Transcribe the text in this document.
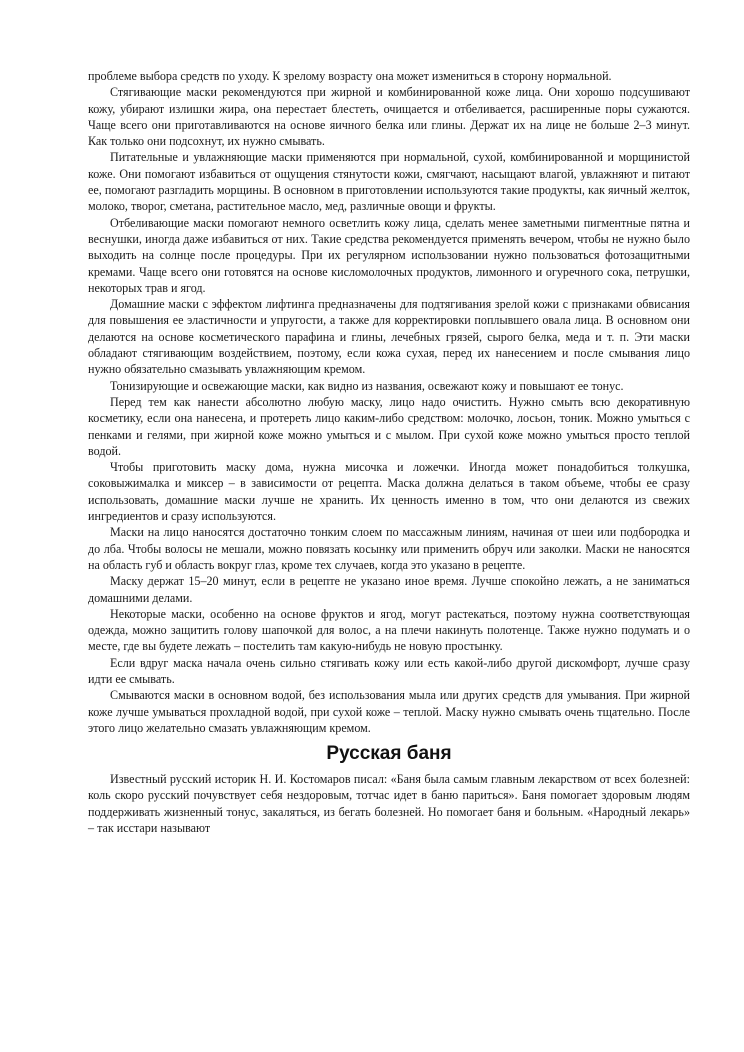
проблеме выбора средств по уходу. К зрелому возрасту она может измениться в сторону нормальной.

Стягивающие маски рекомендуются при жирной и комбинированной коже лица. Они хорошо подсушивают кожу, убирают излишки жира, она перестает блестеть, очищается и отбеливается, расширенные поры сужаются. Чаще всего они приготавливаются на основе яичного белка или глины. Держат их на лице не больше 2–3 минут. Как только они подсохнут, их нужно смывать.

Питательные и увлажняющие маски применяются при нормальной, сухой, комбинированной и морщинистой коже. Они помогают избавиться от ощущения стянутости кожи, смягчают, насыщают влагой, увлажняют и питают ее, помогают разгладить морщины. В основном в приготовлении используются такие продукты, как яичный желток, молоко, творог, сметана, растительное масло, мед, различные овощи и фрукты.

Отбеливающие маски помогают немного осветлить кожу лица, сделать менее заметными пигментные пятна и веснушки, иногда даже избавиться от них. Такие средства рекомендуется применять вечером, чтобы не нужно было выходить на солнце после процедуры. При их регулярном использовании нужно пользоваться фотозащитными кремами. Чаще всего они готовятся на основе кисломолочных продуктов, лимонного и огуречного сока, петрушки, некоторых трав и ягод.

Домашние маски с эффектом лифтинга предназначены для подтягивания зрелой кожи с признаками обвисания для повышения ее эластичности и упругости, а также для корректировки поплывшего овала лица. В основном они делаются на основе косметического парафина и глины, лечебных грязей, сырого белка, меда и т. п. Эти маски обладают стягивающим воздействием, поэтому, если кожа сухая, перед их нанесением и после смывания лицо нужно обязательно смазывать увлажняющим кремом.

Тонизирующие и освежающие маски, как видно из названия, освежают кожу и повышают ее тонус.

Перед тем как нанести абсолютно любую маску, лицо надо очистить. Нужно смыть всю декоративную косметику, если она нанесена, и протереть лицо каким-либо средством: молочко, лосьон, тоник. Можно умыться с пенками и гелями, при жирной коже можно умыться и с мылом. При сухой коже можно умыться просто теплой водой.

Чтобы приготовить маску дома, нужна мисочка и ложечки. Иногда может понадобиться толкушка, соковыжималка и миксер – в зависимости от рецепта. Маска должна делаться в таком объеме, чтобы ее сразу использовать, домашние маски лучше не хранить. Их ценность именно в том, что они делаются из свежих ингредиентов и сразу используются.

Маски на лицо наносятся достаточно тонким слоем по массажным линиям, начиная от шеи или подбородка и до лба. Чтобы волосы не мешали, можно повязать косынку или применить обруч или заколки. Маски не наносятся на область губ и область вокруг глаз, кроме тех случаев, когда это указано в рецепте.

Маску держат 15–20 минут, если в рецепте не указано иное время. Лучше спокойно лежать, а не заниматься домашними делами.

Некоторые маски, особенно на основе фруктов и ягод, могут растекаться, поэтому нужна соответствующая одежда, можно защитить голову шапочкой для волос, а на плечи накинуть полотенце. Также нужно подумать и о месте, где вы будете лежать – постелить там какую-нибудь не новую простынку.

Если вдруг маска начала очень сильно стягивать кожу или есть какой-либо другой дискомфорт, лучше сразу идти ее смывать.

Смываются маски в основном водой, без использования мыла или других средств для умывания. При жирной коже лучше умываться прохладной водой, при сухой коже – теплой. Маску нужно смывать очень тщательно. После этого лицо желательно смазать увлажняющим кремом.

Русская баня

Известный русский историк Н. И. Костомаров писал: «Баня была самым главным лекарством от всех болезней: коль скоро русский почувствует себя нездоровым, тотчас идет в баню париться». Баня помогает здоровым людям поддерживать жизненный тонус, закаляться, из бегать болезней. Но помогает баня и больным. «Народный лекарь» – так исстари называют
